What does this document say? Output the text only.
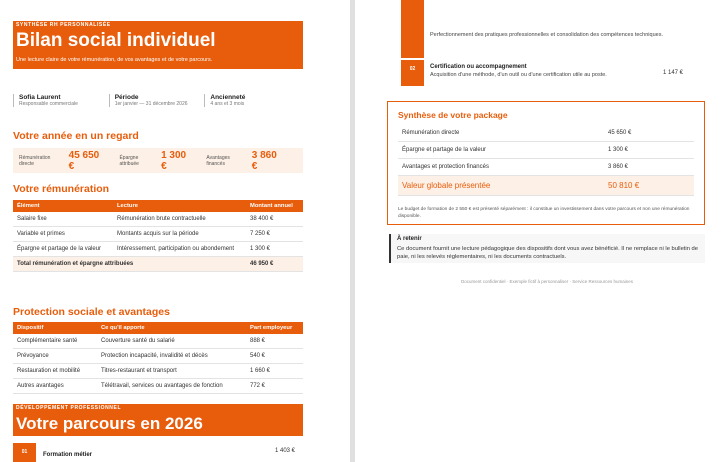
Bilan social individuel
Une lecture claire de votre rémunération, de vos avantages et de votre parcours.
SYNTHÈSE RH PERSONNALISÉE
Sofia Laurent
Responsable commerciale
Période
1er janvier — 31 décembre 2026
Ancienneté
4 ans et 3 mois
Votre année en un regard
Rémunération directe
45 650 €
Épargne attribuée
1 300 €
Avantages financés
3 860 €
Votre rémunération
Élément	Lecture	Montant annuel
Salaire fixe	Rémunération brute contractuelle	38 400 €
Variable et primes	Montants acquis sur la période	7 250 €
Épargne et partage de la valeur	Intéressement, participation ou abondement	1 300 €
Total rémunération et épargne attribuées		46 950 €
Protection sociale et avantages
Dispositif	Ce qu'il apporte	Part employeur
Complémentaire santé	Couverture santé du salarié	888 €
Prévoyance	Protection incapacité, invalidité et décès	540 €
Restauration et mobilité	Titres-restaurant et transport	1 660 €
Autres avantages	Télétravail, services ou avantages de fonction	772 €
DÉVELOPPEMENT PROFESSIONNEL
Votre parcours en 2026
01	Formation métier
1 403 €
Perfectionnement des pratiques professionnelles et consolidation des compétences techniques.
02	Certification ou accompagnement
Acquisition d'une méthode, d'un outil ou d'une certification utile au poste.	1 147 €
Synthèse de votre package
Rémunération directe	45 650 €
Épargne et partage de la valeur	1 300 €
Avantages et protection financés	3 860 €
Valeur globale présentée	50 810 €
Le budget de formation de 2 550 € est présenté séparément : il constitue un investissement dans votre parcours et non une rémunération disponible.
À retenir

Ce document fournit une lecture pédagogique des dispositifs dont vous avez bénéficié. Il ne remplace ni le bulletin de paie, ni les relevés réglementaires, ni les documents contractuels.

Document confidentiel · Exemple fictif à personnaliser · Service Ressources humaines
